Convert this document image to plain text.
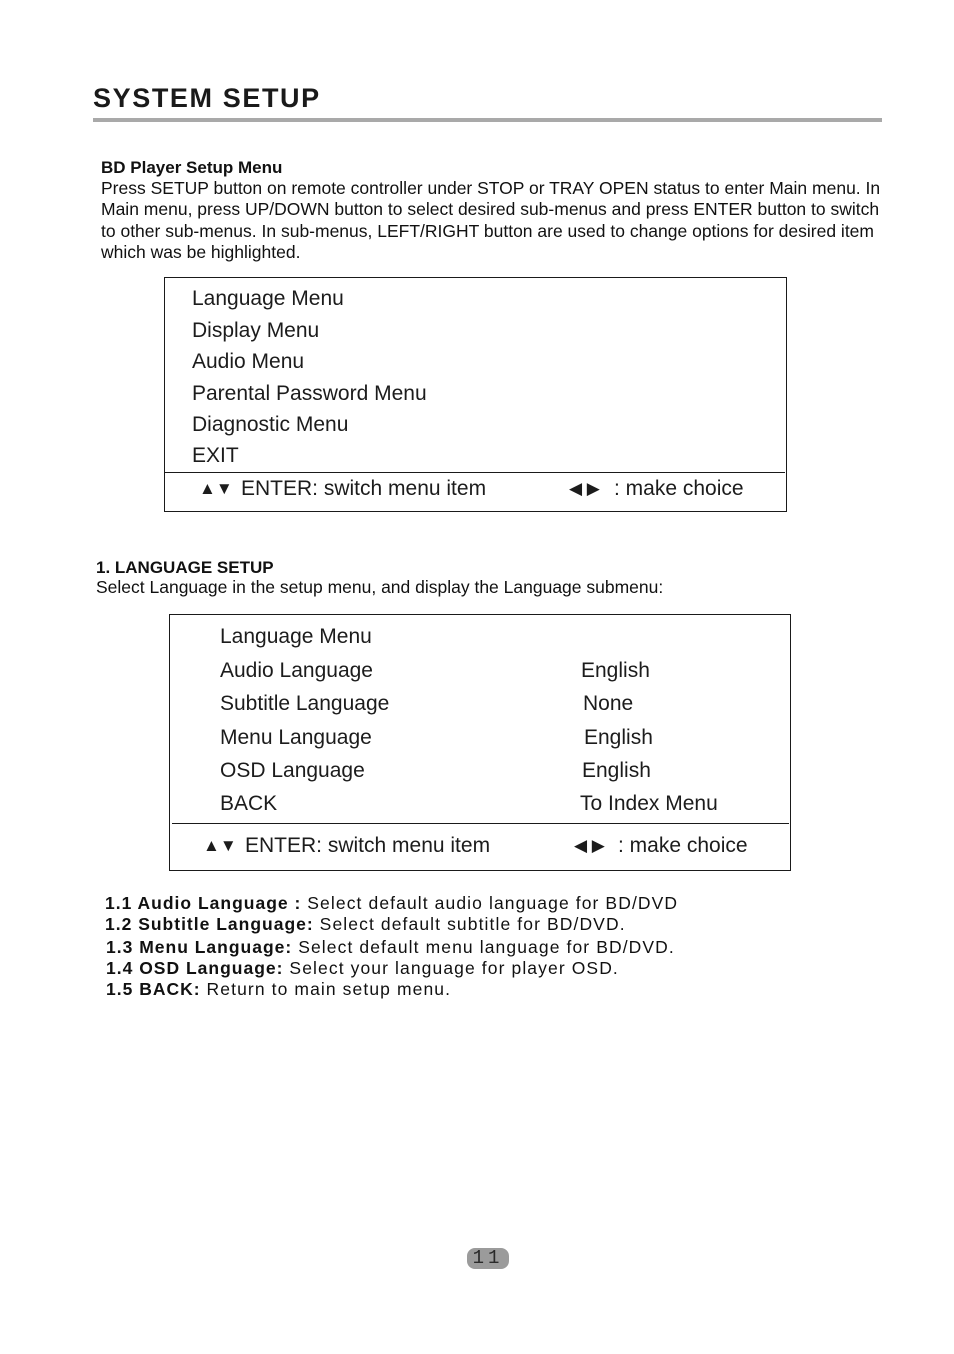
SYSTEM SETUP
BD Player Setup Menu
Press SETUP button on remote controller under STOP or TRAY OPEN status to enter Main menu. In Main menu, press UP/DOWN button to select desired sub-menus and press ENTER button to switch to other sub-menus. In sub-menus, LEFT/RIGHT button are used to change options for desired item which was be highlighted.
Language Menu
Display Menu
Audio Menu
Parental Password Menu
Diagnostic Menu
EXIT
▲▼ ENTER: switch menu item	◀ ▶ : make choice
1. LANGUAGE SETUP
Select Language in the setup menu, and display the Language submenu:
Language Menu
Audio Language	English
Subtitle Language	None
Menu Language	English
OSD Language	English
BACK	To Index Menu
▲▼ ENTER: switch menu item	◀ ▶ : make choice
1.1 Audio Language : Select default audio language for BD/DVD
1.2 Subtitle Language: Select default subtitle for BD/DVD.
1.3 Menu Language: Select default menu language for BD/DVD.
1.4 OSD Language: Select your language for player OSD.
1.5 BACK: Return to main setup menu.
11
